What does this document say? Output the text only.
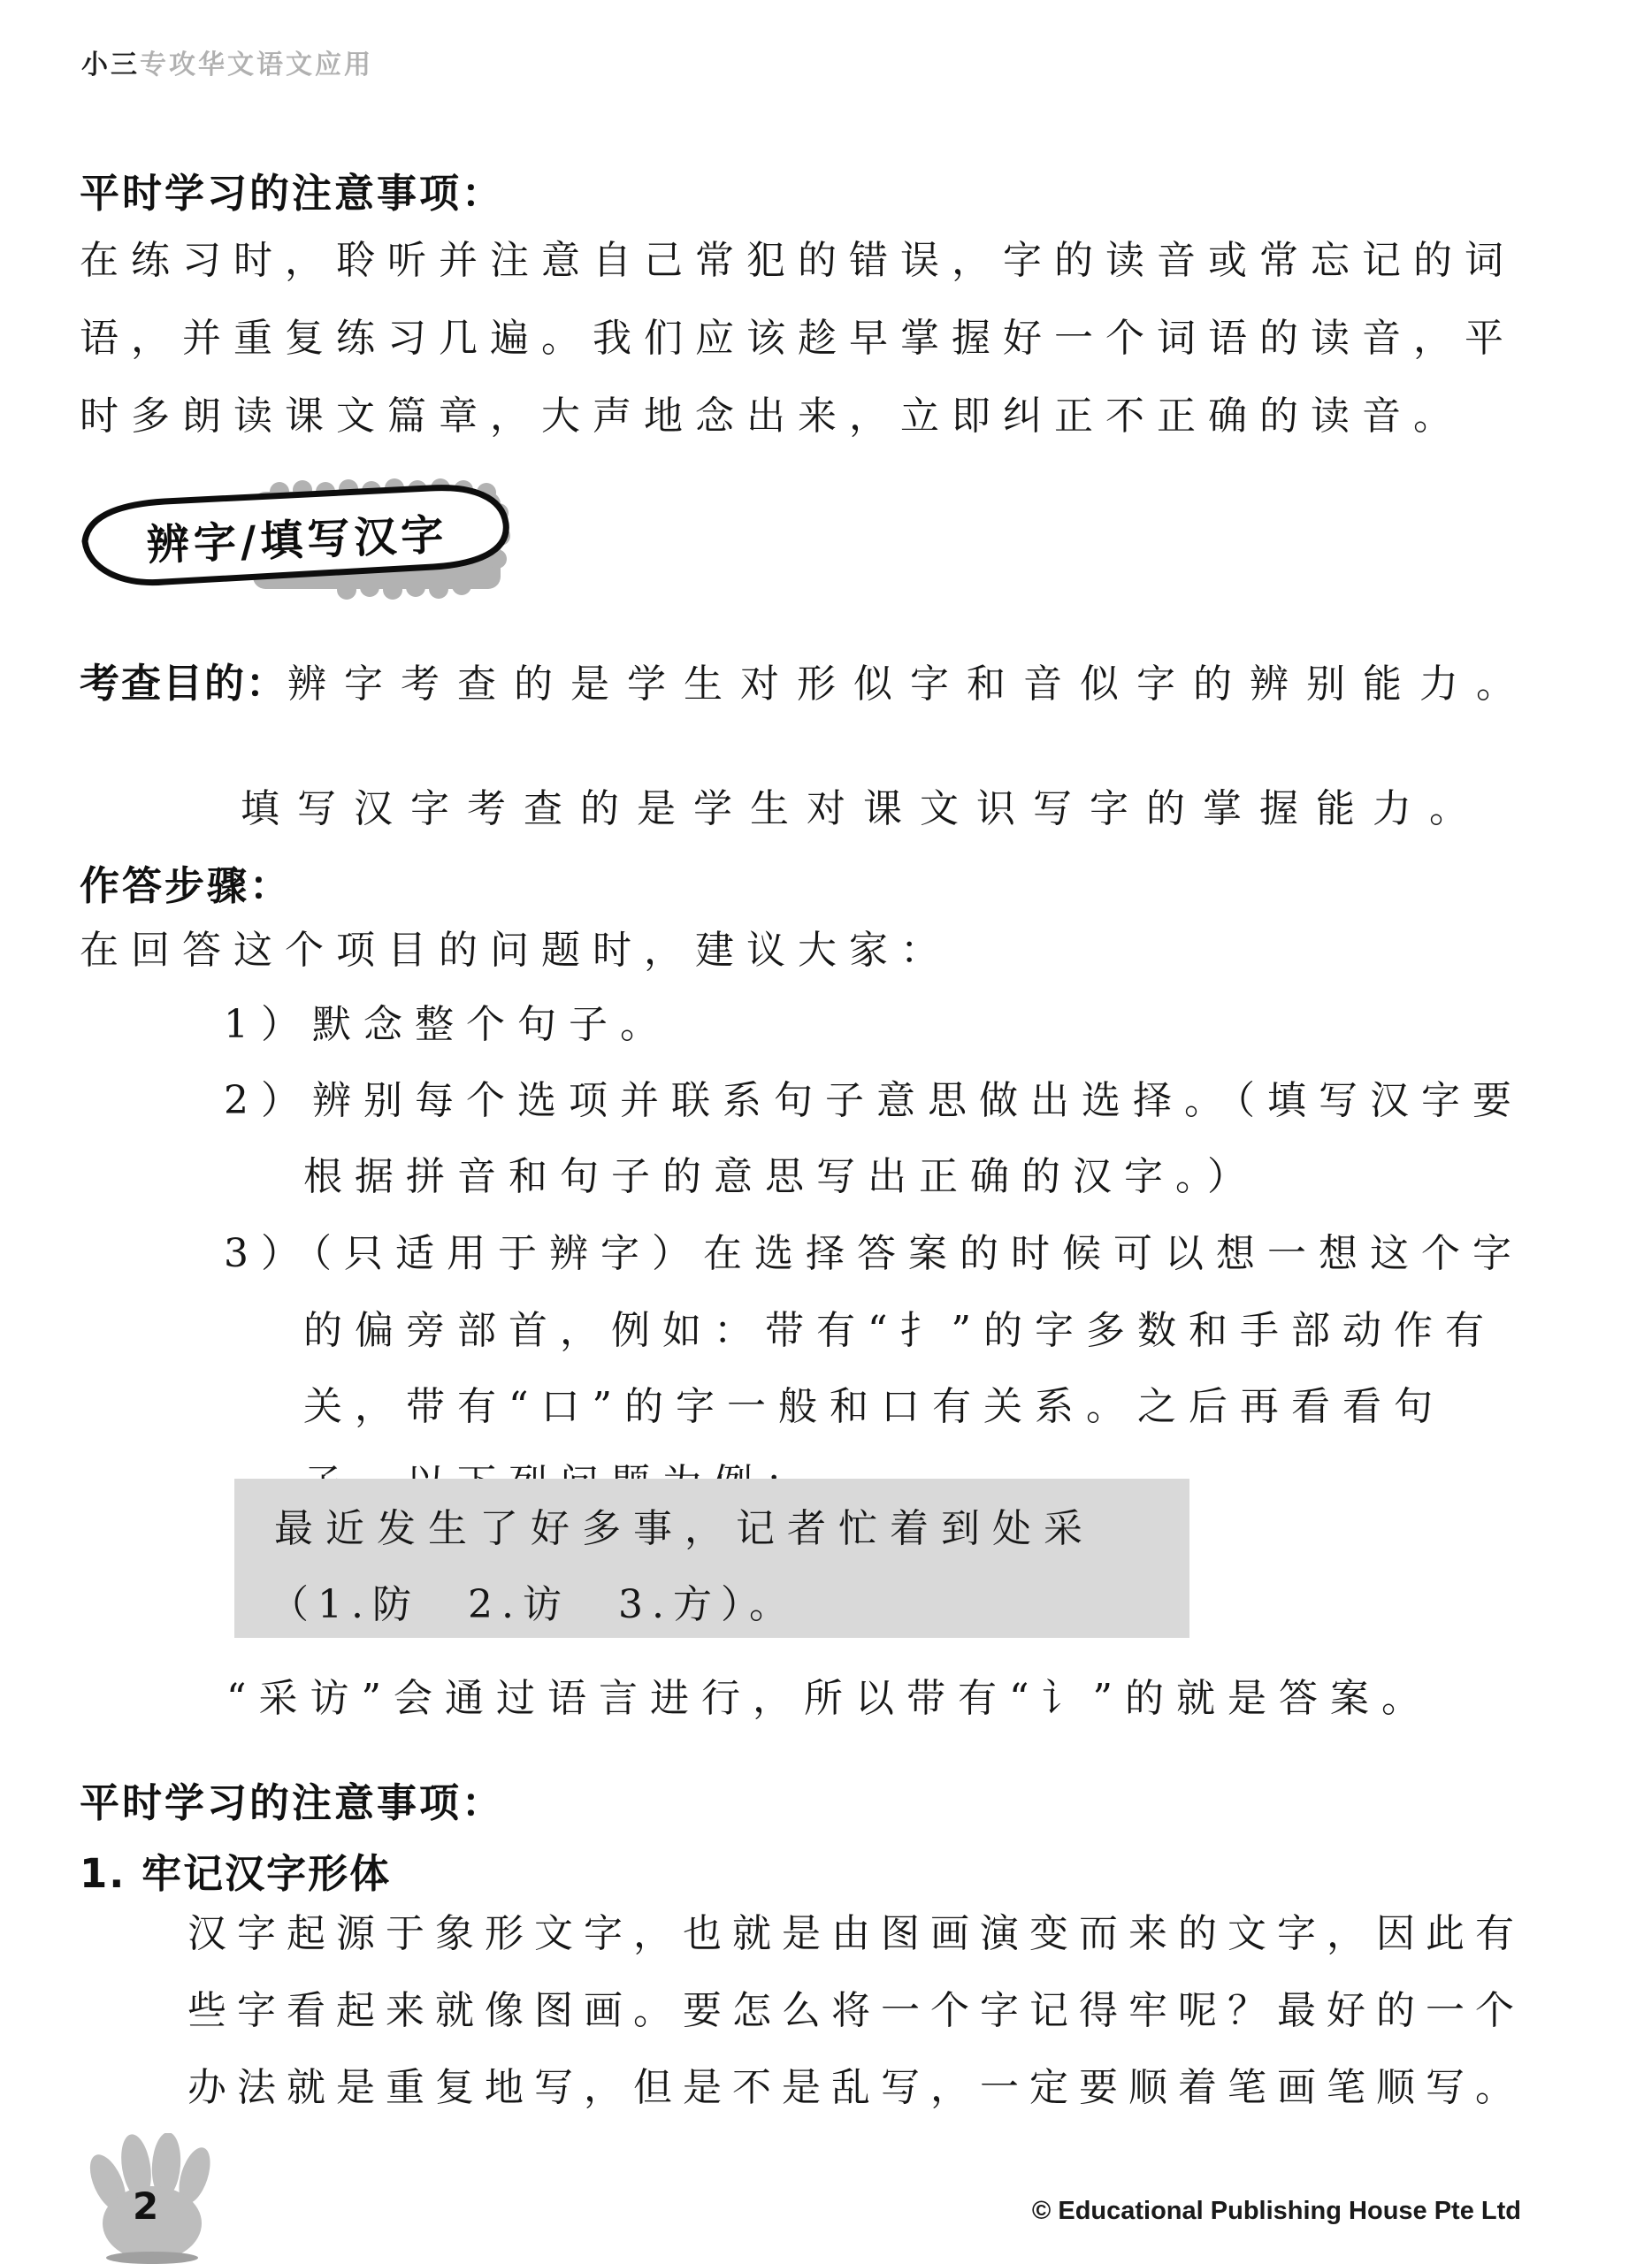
小三专攻华文语文应用
平时学习的注意事项：
在练习时，聆听并注意自己常犯的错误，字的读音或常忘记的词
语，并重复练习几遍。我们应该趁早掌握好一个词语的读音，平
时多朗读课文篇章，大声地念出来，立即纠正不正确的读音。
辨字/填写汉字
考查目的：辨字考查的是学生对形似字和音似字的辨别能力。
填写汉字考查的是学生对课文识写字的掌握能力。
作答步骤：
在回答这个项目的问题时，建议大家：
1）默念整个句子。
2）辨别每个选项并联系句子意思做出选择。（填写汉字要
根据拼音和句子的意思写出正确的汉字。）
3）（只适用于辨字）在选择答案的时候可以想一想这个字
的偏旁部首，例如：带有“扌”的字多数和手部动作有
关，带有“口”的字一般和口有关系。之后再看看句
最近发生了好多事，记者忙着到处采
（1.防　2.访　3.方）。
“采访”会通过语言进行，所以带有“讠”的就是答案。
平时学习的注意事项：
1. 牢记汉字形体
汉字起源于象形文字，也就是由图画演变而来的文字，因此有
些字看起来就像图画。要怎么将一个字记得牢呢？最好的一个
办法就是重复地写，但是不是乱写，一定要顺着笔画笔顺写。
2	© Educational Publishing House Pte Ltd
